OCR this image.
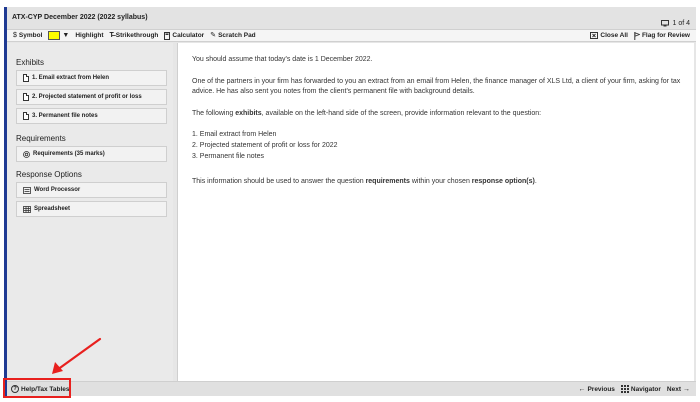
ATX-CYP December 2022 (2022 syllabus)
1 of 4
$ Symbol	▼ Highlight T̶ Strikethrough Calculator ✎ Scratch Pad	Close All Flag for Review
Exhibits
1. Email extract from Helen
2. Projected statement of profit or loss
3. Permanent file notes
Requirements
Requirements (35 marks)
Response Options
Word Processor
Spreadsheet

You should assume that today's date is 1 December 2022.

One of the partners in your firm has forwarded to you an extract from an email from Helen, the finance manager of XLS Ltd, a client of your firm, asking for tax advice. He has also sent you notes from the client's permanent file with background details.

The following exhibits, available on the left-hand side of the screen, provide information relevant to the question:

1. Email extract from Helen
2. Projected statement of profit or loss for 2022
3. Permanent file notes

This information should be used to answer the question requirements within your chosen response option(s).

? Help/Tax Tables	← Previous Navigator Next →
